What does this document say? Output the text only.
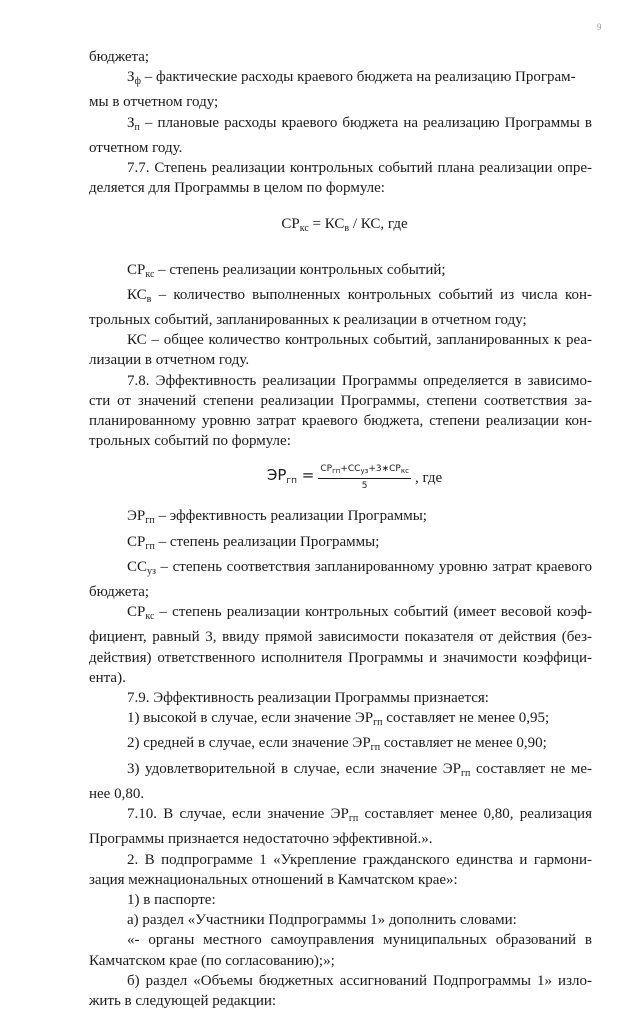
9

бюджета;

$З_ф$ – фактические расходы краевого бюджета на реализацию Програм-

мы в отчетном году;

$З_п$ – плановые расходы краевого бюджета на реализацию Программы в отчетном году.

7.7. Степень реализации контрольных событий плана реализации опре-

деляется для Программы в целом по формуле:

$СР_{кс} = КС_в$ / КС, где

$СР_{кс}$ – степень реализации контрольных событий;

$КС_в$ – количество выполненных контрольных событий из числа кон-

трольных событий, запланированных к реализации в отчетном году;

КС – общее количество контрольных событий, запланированных к реа-

лизации в отчетном году.

7.8. Эффективность реализации Программы определяется в зависимо- сти от значений степени реализации Программы, степени соответствия за- планированному уровню затрат краевого бюджета, степени реализации кон- трольных событий по формуле:

$ЭР_{гп} = \frac{СР_{гп}+СС_{уз}+3∗СР_{кс}}{5}$ , где

$ЭР_{гп}$ – эффективность реализации Программы;

$СР_{гп}$ – степень реализации Программы;

$СС_{уз}$ – степень соответствия запланированному уровню затрат краевого бюджета;

$СР_{кс}$ – степень реализации контрольных событий (имеет весовой коэф- фициент, равный 3, ввиду прямой зависимости показателя от действия (без- действия) ответственного исполнителя Программы и значимости коэффици- ента).

7.9. Эффективность реализации Программы признается:

1) высокой в случае, если значение $ЭР_{гп}$ составляет не менее 0,95;

2) средней в случае, если значение $ЭР_{гп}$ составляет не менее 0,90;

3) удовлетворительной в случае, если значение $ЭР_{гп}$ составляет не ме- нее 0,80.

7.10. В случае, если значение $ЭР_{гп}$ составляет менее 0,80, реализация Программы признается недостаточно эффективной.».

2. В подпрограмме 1 «Укрепление гражданского единства и гармони- зация межнациональных отношений в Камчатском крае»:

1) в паспорте:

а) раздел «Участники Подпрограммы 1» дополнить словами:

«- органы местного самоуправления муниципальных образований в Камчатском крае (по согласованию);»;

б) раздел «Объемы бюджетных ассигнований Подпрограммы 1» изло- жить в следующей редакции:
